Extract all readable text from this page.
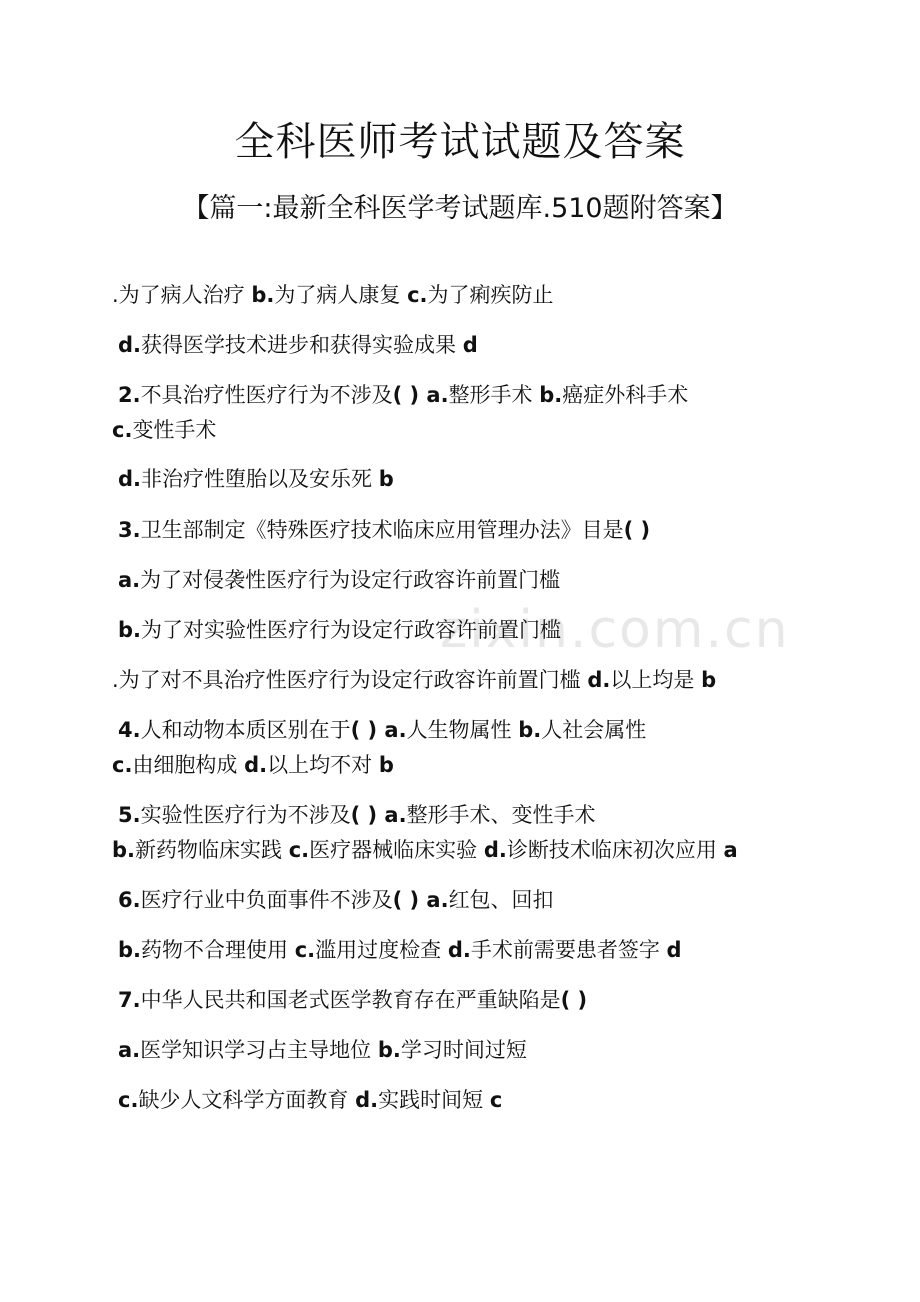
zixin.com.cn
全科医师考试试题及答案
【篇一:最新全科医学考试题库.510题附答案】

.为了病人治疗 b.为了病人康复 c.为了痢疾防止

d.获得医学技术进步和获得实验成果 d

2.不具治疗性医疗行为不涉及( ) a.整形手术 b.癌症外科手术

c.变性手术

d.非治疗性堕胎以及安乐死 b

3.卫生部制定《特殊医疗技术临床应用管理办法》目是( )

a.为了对侵袭性医疗行为设定行政容许前置门槛

b.为了对实验性医疗行为设定行政容许前置门槛

.为了对不具治疗性医疗行为设定行政容许前置门槛 d.以上均是 b

4.人和动物本质区别在于( ) a.人生物属性 b.人社会属性

c.由细胞构成 d.以上均不对 b

5.实验性医疗行为不涉及( ) a.整形手术、变性手术

b.新药物临床实践 c.医疗器械临床实验 d.诊断技术临床初次应用 a

6.医疗行业中负面事件不涉及( ) a.红包、回扣

b.药物不合理使用 c.滥用过度检查 d.手术前需要患者签字 d

7.中华人民共和国老式医学教育存在严重缺陷是( )

a.医学知识学习占主导地位 b.学习时间过短

c.缺少人文科学方面教育 d.实践时间短 c
